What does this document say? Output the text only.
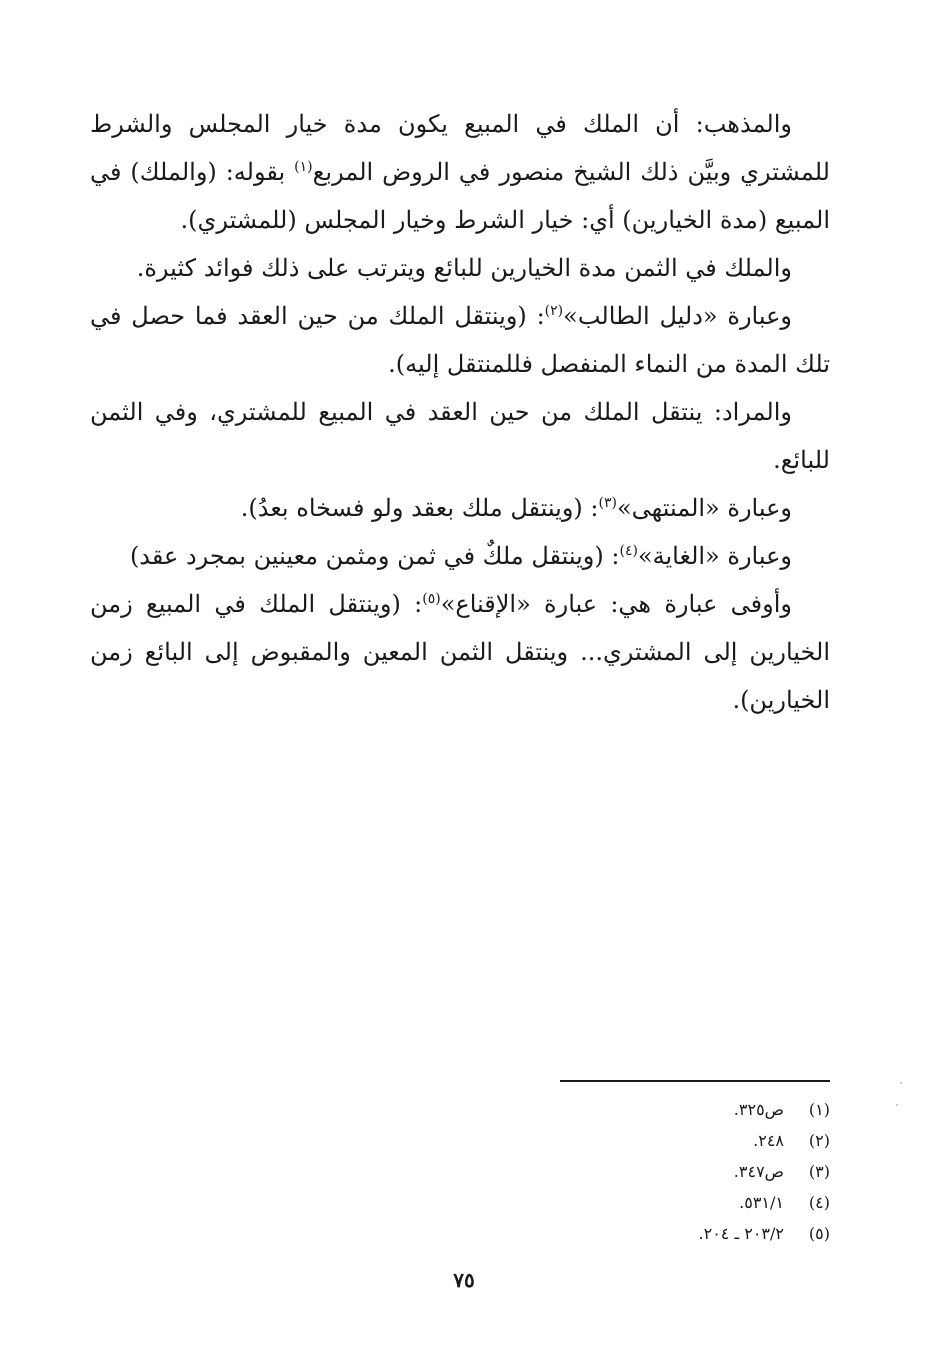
والمذهب: أن الملك في المبيع يكون مدة خيار المجلس والشرط للمشتري وبيَّن ذلك الشيخ منصور في الروض المربع$^{(١)}$ بقوله: (والملك) في المبيع (مدة الخيارين) أي: خيار الشرط وخيار المجلس (للمشتري).

والملك في الثمن مدة الخيارين للبائع ويترتب على ذلك فوائد كثيرة.

وعبارة «دليل الطالب»$^{(٢)}$: (وينتقل الملك من حين العقد فما حصل في تلك المدة من النماء المنفصل فللمنتقل إليه).

والمراد: ينتقل الملك من حين العقد في المبيع للمشتري، وفي الثمن للبائع.

وعبارة «المنتهى»$^{(٣)}$: (وينتقل ملك بعقد ولو فسخاه بعدُ).

وعبارة «الغاية»$^{(٤)}$: (وينتقل ملكٌ في ثمن ومثمن معينين بمجرد عقد)

وأوفى عبارة هي: عبارة «الإقناع»$^{(٥)}$: (وينتقل الملك في المبيع زمن الخيارين إلى المشتري... وينتقل الثمن المعين والمقبوض إلى البائع زمن الخيارين).

(١)
ص٣٢٥.
(٢)
٢٤٨.
(٣)
ص٣٤٧.
(٤)
٥٣١/١.
(٥)
٢٠٣/٢ ـ ٢٠٤.
٧٥
